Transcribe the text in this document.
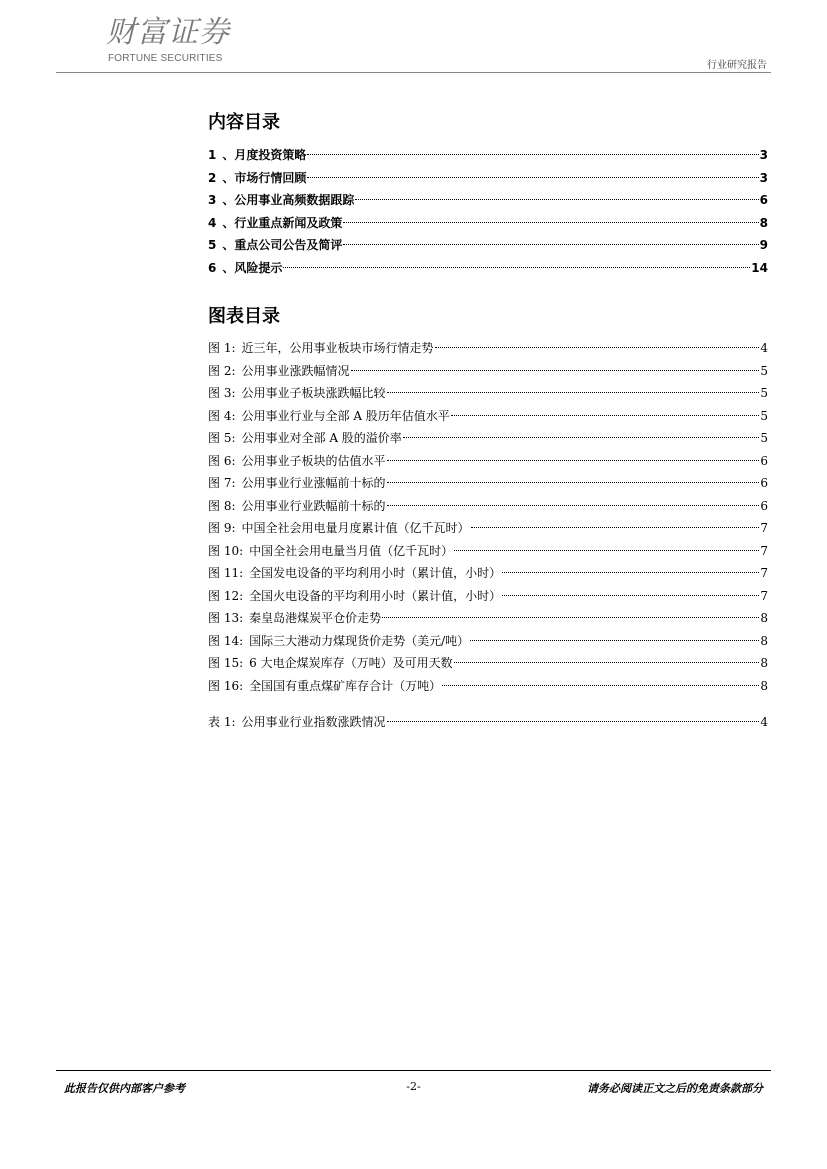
财富证券
FORTUNE SECURITIES
行业研究报告
内容目录
1 、月度投资策略	3
2 、市场行情回顾	3
3 、公用事业高频数据跟踪	6
4 、行业重点新闻及政策	8
5 、重点公司公告及简评	9
6 、风险提示	14
图表目录
图 1: 近三年，公用事业板块市场行情走势	4
图 2: 公用事业涨跌幅情况	5
图 3: 公用事业子板块涨跌幅比较	5
图 4: 公用事业行业与全部 A 股历年估值水平	5
图 5: 公用事业对全部 A 股的溢价率	5
图 6: 公用事业子板块的估值水平	6
图 7: 公用事业行业涨幅前十标的	6
图 8: 公用事业行业跌幅前十标的	6
图 9: 中国全社会用电量月度累计值（亿千瓦时）	7
图 10: 中国全社会用电量当月值（亿千瓦时）	7
图 11: 全国发电设备的平均利用小时（累计值，小时）	7
图 12: 全国火电设备的平均利用小时（累计值，小时）	7
图 13: 秦皇岛港煤炭平仓价走势	8
图 14: 国际三大港动力煤现货价走势（美元/吨）	8
图 15: 6 大电企煤炭库存（万吨）及可用天数	8
图 16: 全国国有重点煤矿库存合计（万吨）	8
表 1: 公用事业行业指数涨跌情况	4
此报告仅供内部客户参考	-2-	请务必阅读正文之后的免责条款部分
